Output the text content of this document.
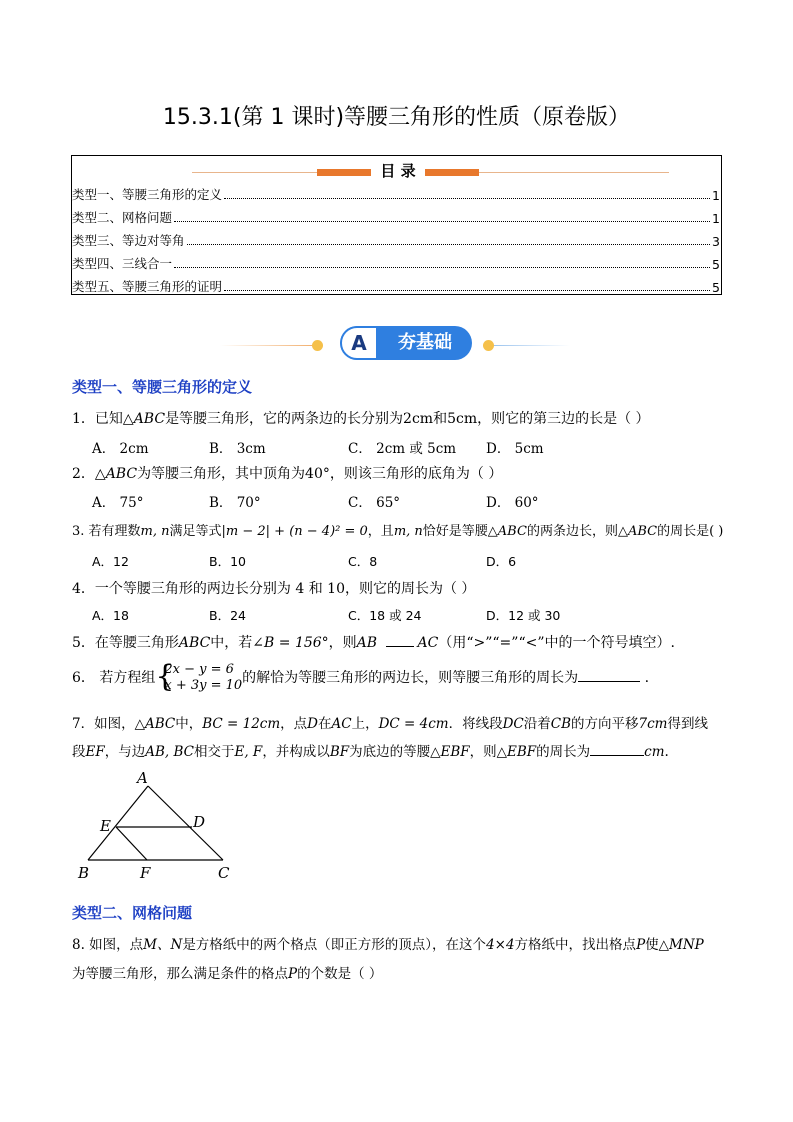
15.3.1(第 1 课时)等腰三角形的性质（原卷版）
目 录
类型一、等腰三角形的定义	1
类型二、网格问题	1
类型三、等边对等角	3
类型四、三线合一	5
类型五、等腰三角形的证明	5
A	夯基础
类型一、等腰三角形的定义
1．已知△ABC是等腰三角形，它的两条边的长分别为2cm和5cm，则它的第三边的长是（ ）
A． 2cm	B． 3cm	C． 2cm 或 5cm D． 5cm
2．△ABC为等腰三角形，其中顶角为40°，则该三角形的底角为（ ）
A． 75°	B． 70°	C． 65°	D． 60°
3. 若有理数m, n满足等式|m − 2| + (n − 4)² = 0，且m, n恰好是等腰△ABC的两条边长，则△ABC的周长是( )
A．12	B．10	C．8	D．6
4．一个等腰三角形的两边长分别为 4 和 10，则它的周长为（ ）
A．18	B．24	C．18 或 24	D．12 或 30
5．在等腰三角形ABC中，若∠B = 156°，则AB	AC（用“>”“=”“<”中的一个符号填空）.
6． 若方程组 {
2x − y = 6
x + 3y = 10 的解恰为等腰三角形的两边长，则等腰三角形的周长为	.
7．如图，△ABC中，BC = 12cm，点D在AC上，DC = 4cm．将线段DC沿着CB的方向平移7cm得到线
段EF，与边AB, BC相交于E, F，并构成以BF为底边的等腰△EBF，则△EBF的周长为	cm.
A
D
E
B	F	C
类型二、网格问题
8. 如图，点M、N是方格纸中的两个格点（即正方形的顶点），在这个4×4方格纸中，找出格点P使△MNP
为等腰三角形，那么满足条件的格点P的个数是（ ）
